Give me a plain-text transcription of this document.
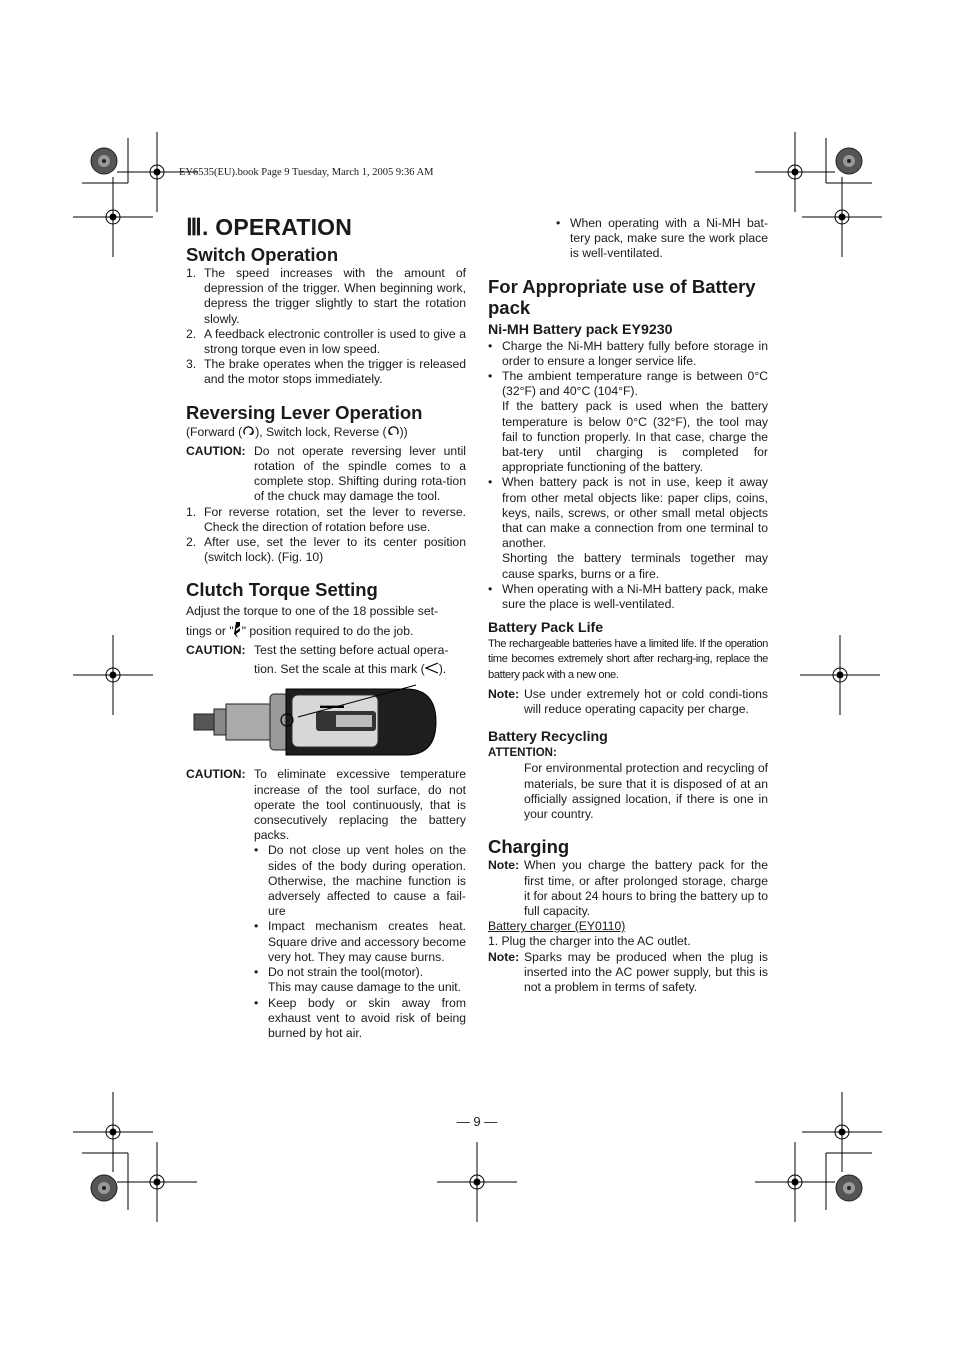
EY6535(EU).book Page 9 Tuesday, March 1, 2005 9:36 AM
Ⅲ. OPERATION
Switch Operation
1. The speed increases with the amount of depression of the trigger. When beginning work, depress the trigger slightly to start the rotation slowly.
2. A feedback electronic controller is used to give a strong torque even in low speed.
3. The brake operates when the trigger is released and the motor stops immediately.
Reversing Lever Operation

(Forward ( ), Switch lock, Reverse ( ))

CAUTION: Do not operate reversing lever until rotation of the spindle comes to a complete stop. Shifting during rota-tion of the chuck may damage the tool.
1. For reverse rotation, set the lever to reverse. Check the direction of rotation before use.
2. After use, set the lever to its center position (switch lock). (Fig. 10)
Clutch Torque Setting

Adjust the torque to one of the 18 possible set-
tings or " " position required to do the job.

CAUTION: Test the setting before actual opera-
tion. Set the scale at this mark ( ).
▬▬▬
CAUTION: To eliminate excessive temperature increase of the tool surface, do not operate the tool continuously, that is consecutively replacing the battery packs.
• Do not close up vent holes on the sides of the body during operation. Otherwise, the machine function is adversely affected to cause a fail-ure
• Impact mechanism creates heat. Square drive and accessory become very hot. They may cause burns.
• Do not strain the tool(motor).
This may cause damage to the unit.
• Keep body or skin away from exhaust vent to avoid risk of being burned by hot air.
• When operating with a Ni-MH bat-tery pack, make sure the work place is well-ventilated.
For Appropriate use of Battery pack
Ni-MH Battery pack EY9230
• Charge the Ni-MH battery fully before storage in order to ensure a longer service life.
• The ambient temperature range is between 0°C (32°F) and 40°C (104°F).
If the battery pack is used when the battery temperature is below 0°C (32°F), the tool may fail to function properly. In that case, charge the bat-tery until charging is completed for appropriate functioning of the battery.
• When battery pack is not in use, keep it away from other metal objects like: paper clips, coins, keys, nails, screws, or other small metal objects that can make a connection from one terminal to another.
Shorting the battery terminals together may cause sparks, burns or a fire.
• When operating with a Ni-MH battery pack, make sure the place is well-ventilated.
Battery Pack Life

The rechargeable batteries have a limited life. If the operation time becomes extremely short after recharg-ing, replace the battery pack with a new one.

Note: Use under extremely hot or cold condi-tions will reduce operating capacity per charge.
Battery Recycling

ATTENTION:

For environmental protection and recycling of materials, be sure that it is disposed of at an officially assigned location, if there is one in your country.

Charging
Note: When you charge the battery pack for the first time, or after prolonged storage, charge it for about 24 hours to bring the battery up to full capacity.

Battery charger (EY0110)

1. Plug the charger into the AC outlet.

Note: Sparks may be produced when the plug is inserted into the AC power supply, but this is not a problem in terms of safety.
— 9 —
